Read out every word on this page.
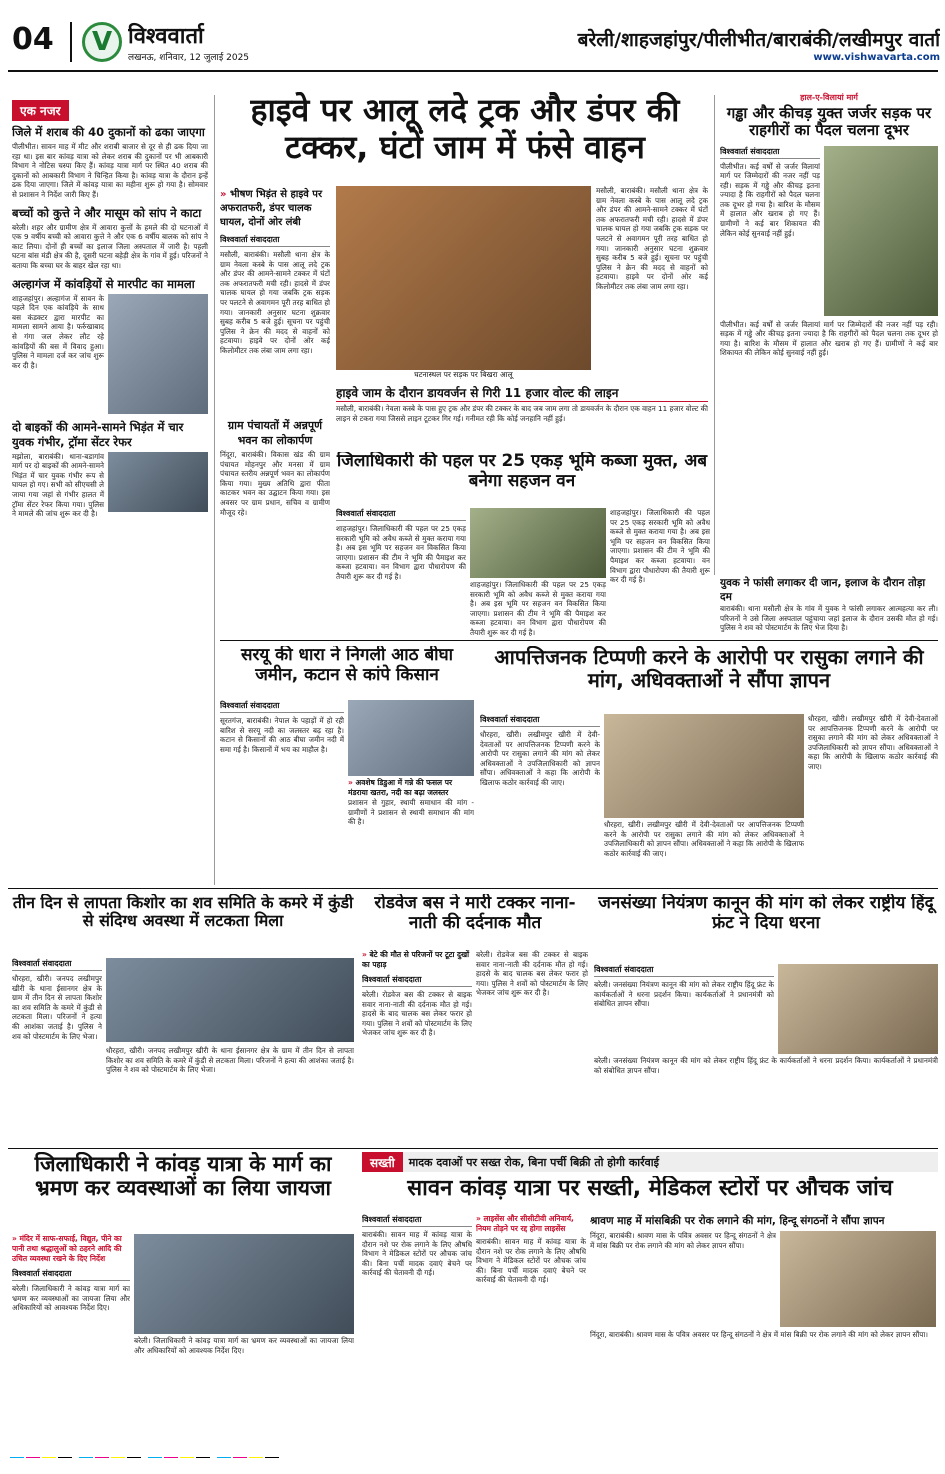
04	V विश्ववार्ता
लखनऊ, शनिवार, 12 जुलाई 2025
बरेली/शाहजहांपुर/पीलीभीत/बाराबंकी/लखीमपुर वार्ता
www.vishwavarta.com
एक नजर
जिले में शराब की 40 दुकानों को ढका जाएगा
पीलीभीत। सावन माह में मीट और शराबी बाजार से दूर से ही ढक दिया जा रहा था। इस बार कांवड़ यात्रा को लेकर शराब की दुकानों पर भी आबकारी विभाग ने नोटिस चस्पा किए हैं। कांवड़ यात्रा मार्ग पर स्थित 40 शराब की दुकानों को आबकारी विभाग ने चिन्हित किया है। कांवड़ यात्रा के दौरान इन्हें ढक दिया जाएगा। जिले में कांवड़ यात्रा का महीना शुरू हो गया है। सोमवार से प्रशासन ने निर्देश जारी किए हैं।
बच्चों को कुत्ते ने और मासूम को सांप ने काटा
बरेली। शहर और ग्रामीण क्षेत्र में आवारा कुत्तों के हमले की दो घटनाओं में एक 9 वर्षीय बच्ची को आवारा कुत्ते ने और एक 6 वर्षीय बालक को सांप ने काट लिया। दोनों ही बच्चों का इलाज जिला अस्पताल में जारी है। पहली घटना बांस मंडी क्षेत्र की है, दूसरी घटना बहेड़ी क्षेत्र के गांव में हुई। परिजनों ने बताया कि बच्चा घर के बाहर खेल रहा था।
अल्हागंज में कांवड़ियों से मारपीट का मामला
शाहजहांपुर। अल्हागंज में सावन के पहले दिन एक कांवड़िये के साथ बस कंडक्टर द्वारा मारपीट का मामला सामने आया है। फर्रुखाबाद से गंगा जल लेकर लौट रहे कांवड़ियों की बस में विवाद हुआ। पुलिस ने मामला दर्ज कर जांच शुरू कर दी है।
दो बाइकों की आमने-सामने भिड़ंत में चार युवक गंभीर, ट्रॉमा सेंटर रेफर
मझोला, बाराबंकी। थाना-बडागांव मार्ग पर दो बाइकों की आमने-सामने भिड़ंत में चार युवक गंभीर रूप से घायल हो गए। सभी को सीएचसी ले जाया गया जहां से गंभीर हालत में ट्रॉमा सेंटर रेफर किया गया। पुलिस ने मामले की जांच शुरू कर दी है।
हाइवे पर आलू लदे ट्रक और डंपर की टक्कर, घंटों जाम में फंसे वाहन
» भीषण भिड़ंत से हाइवे पर अफरातफरी, डंपर चालक घायल, दोनों ओर लंबी
विश्ववार्ता संवाददाता
मसौली, बाराबंकी। मसौली थाना क्षेत्र के ग्राम नेवला कस्बे के पास आलू लदे ट्रक और डंपर की आमने-सामने टक्कर में घंटों तक अफरातफरी मची रही। हादसे में डंपर चालक घायल हो गया जबकि ट्रक सड़क पर पलटने से अवागमन पूरी तरह बाधित हो गया। जानकारी अनुसार घटना शुक्रवार सुबह करीब 5 बजे हुई। सूचना पर पहुंची पुलिस ने क्रेन की मदद से वाहनों को हटवाया। हाइवे पर दोनों ओर कई किलोमीटर तक लंबा जाम लगा रहा।
घटनास्थल पर सड़क पर बिखरा आलू
मसौली, बाराबंकी। मसौली थाना क्षेत्र के ग्राम नेवला कस्बे के पास आलू लदे ट्रक और डंपर की आमने-सामने टक्कर में घंटों तक अफरातफरी मची रही। हादसे में डंपर चालक घायल हो गया जबकि ट्रक सड़क पर पलटने से अवागमन पूरी तरह बाधित हो गया। जानकारी अनुसार घटना शुक्रवार सुबह करीब 5 बजे हुई। सूचना पर पहुंची पुलिस ने क्रेन की मदद से वाहनों को हटवाया। हाइवे पर दोनों ओर कई किलोमीटर तक लंबा जाम लगा रहा।
हाइवे जाम के दौरान डायवर्जन से गिरी 11 हजार वोल्ट की लाइन
मसौली, बाराबंकी। नेवला कस्बे के पास हुए ट्रक और डंपर की टक्कर के बाद जब जाम लगा तो डायवर्जन के दौरान एक वाहन 11 हजार वोल्ट की लाइन से टकरा गया जिससे लाइन टूटकर गिर गई। गनीमत रही कि कोई जनहानि नहीं हुई।
हाल-ए-विलायां मार्ग
गड्ढा और कीचड़ युक्त जर्जर सड़क पर राहगीरों का पैदल चलना दूभर
विश्ववार्ता संवाददाता
पीलीभीत। कई वर्षों से जर्जर विलायां मार्ग पर जिम्मेदारों की नजर नहीं पड़ रही। सड़क में गड्ढे और कीचड़ इतना ज्यादा है कि राहगीरों को पैदल चलना तक दूभर हो गया है। बारिश के मौसम में हालात और खराब हो गए हैं। ग्रामीणों ने कई बार शिकायत की लेकिन कोई सुनवाई नहीं हुई।
पीलीभीत। कई वर्षों से जर्जर विलायां मार्ग पर जिम्मेदारों की नजर नहीं पड़ रही। सड़क में गड्ढे और कीचड़ इतना ज्यादा है कि राहगीरों को पैदल चलना तक दूभर हो गया है। बारिश के मौसम में हालात और खराब हो गए हैं। ग्रामीणों ने कई बार शिकायत की लेकिन कोई सुनवाई नहीं हुई।
युवक ने फांसी लगाकर दी जान, इलाज के दौरान तोड़ा दम
बाराबंकी। थाना मसौली क्षेत्र के गांव में युवक ने फांसी लगाकर आत्महत्या कर ली। परिजनों ने उसे जिला अस्पताल पहुंचाया जहां इलाज के दौरान उसकी मौत हो गई। पुलिस ने शव को पोस्टमार्टम के लिए भेज दिया है।
ग्राम पंचायतों में अन्नपूर्ण भवन का लोकार्पण
निंदूरा, बाराबंकी। विकास खंड की ग्राम पंचायत मोहनपुर और मनसा में ग्राम पंचायत स्तरीय अन्नपूर्ण भवन का लोकार्पण किया गया। मुख्य अतिथि द्वारा फीता काटकर भवन का उद्घाटन किया गया। इस अवसर पर ग्राम प्रधान, सचिव व ग्रामीण मौजूद रहे।
जिलाधिकारी की पहल पर 25 एकड़ भूमि कब्जा मुक्त, अब बनेगा सहजन वन
विश्ववार्ता संवाददाता
शाहजहांपुर। जिलाधिकारी की पहल पर 25 एकड़ सरकारी भूमि को अवैध कब्जे से मुक्त कराया गया है। अब इस भूमि पर सहजन वन विकसित किया जाएगा। प्रशासन की टीम ने भूमि की पैमाइश कर कब्जा हटवाया। वन विभाग द्वारा पौधारोपण की तैयारी शुरू कर दी गई है।
शाहजहांपुर। जिलाधिकारी की पहल पर 25 एकड़ सरकारी भूमि को अवैध कब्जे से मुक्त कराया गया है। अब इस भूमि पर सहजन वन विकसित किया जाएगा। प्रशासन की टीम ने भूमि की पैमाइश कर कब्जा हटवाया। वन विभाग द्वारा पौधारोपण की तैयारी शुरू कर दी गई है।
शाहजहांपुर। जिलाधिकारी की पहल पर 25 एकड़ सरकारी भूमि को अवैध कब्जे से मुक्त कराया गया है। अब इस भूमि पर सहजन वन विकसित किया जाएगा। प्रशासन की टीम ने भूमि की पैमाइश कर कब्जा हटवाया। वन विभाग द्वारा पौधारोपण की तैयारी शुरू कर दी गई है।
सरयू की धारा ने निगली आठ बीघा जमीन, कटान से कांपे किसान
विश्ववार्ता संवाददाता
सूरतगंज, बाराबंकी। नेपाल के पहाड़ों में हो रही बारिश से सरयू नदी का जलस्तर बढ़ रहा है। कटान से किसानों की आठ बीघा जमीन नदी में समा गई है। किसानों में भय का माहौल है।
» अवशेष डिडुआ में गन्ने की फसल पर मंडराया खतरा, नदी का बढ़ा जलस्तर
प्रशासन से गुहार, स्थायी समाधान की मांग - ग्रामीणों ने प्रशासन से स्थायी समाधान की मांग की है।
आपत्तिजनक टिप्पणी करने के आरोपी पर रासुका लगाने की मांग, अधिवक्ताओं ने सौंपा ज्ञापन
विश्ववार्ता संवाददाता
धौरहरा, खीरी। लखीमपुर खीरी में देवी-देवताओं पर आपत्तिजनक टिप्पणी करने के आरोपी पर रासुका लगाने की मांग को लेकर अधिवक्ताओं ने उपजिलाधिकारी को ज्ञापन सौंपा। अधिवक्ताओं ने कहा कि आरोपी के खिलाफ कठोर कार्रवाई की जाए।
धौरहरा, खीरी। लखीमपुर खीरी में देवी-देवताओं पर आपत्तिजनक टिप्पणी करने के आरोपी पर रासुका लगाने की मांग को लेकर अधिवक्ताओं ने उपजिलाधिकारी को ज्ञापन सौंपा। अधिवक्ताओं ने कहा कि आरोपी के खिलाफ कठोर कार्रवाई की जाए।
धौरहरा, खीरी। लखीमपुर खीरी में देवी-देवताओं पर आपत्तिजनक टिप्पणी करने के आरोपी पर रासुका लगाने की मांग को लेकर अधिवक्ताओं ने उपजिलाधिकारी को ज्ञापन सौंपा। अधिवक्ताओं ने कहा कि आरोपी के खिलाफ कठोर कार्रवाई की जाए।
तीन दिन से लापता किशोर का शव समिति के कमरे में कुंडी से संदिग्ध अवस्था में लटकता मिला
विश्ववार्ता संवाददाता
धौरहरा, खीरी। जनपद लखीमपुर खीरी के थाना ईसानगर क्षेत्र के ग्राम में तीन दिन से लापता किशोर का शव समिति के कमरे में कुंडी से लटकता मिला। परिजनों ने हत्या की आशंका जताई है। पुलिस ने शव को पोस्टमार्टम के लिए भेजा।
धौरहरा, खीरी। जनपद लखीमपुर खीरी के थाना ईसानगर क्षेत्र के ग्राम में तीन दिन से लापता किशोर का शव समिति के कमरे में कुंडी से लटकता मिला। परिजनों ने हत्या की आशंका जताई है। पुलिस ने शव को पोस्टमार्टम के लिए भेजा।
रोडवेज बस ने मारी टक्कर नाना-नाती की दर्दनाक मौत
» बेटे की मौत से परिजनों पर टूटा दुखों का पहाड़
विश्ववार्ता संवाददाता
बरेली। रोडवेज बस की टक्कर से बाइक सवार नाना-नाती की दर्दनाक मौत हो गई। हादसे के बाद चालक बस लेकर फरार हो गया। पुलिस ने शवों को पोस्टमार्टम के लिए भेजकर जांच शुरू कर दी है।
बरेली। रोडवेज बस की टक्कर से बाइक सवार नाना-नाती की दर्दनाक मौत हो गई। हादसे के बाद चालक बस लेकर फरार हो गया। पुलिस ने शवों को पोस्टमार्टम के लिए भेजकर जांच शुरू कर दी है।
जनसंख्या नियंत्रण कानून की मांग को लेकर राष्ट्रीय हिंदू फ्रंट ने दिया धरना
विश्ववार्ता संवाददाता
बरेली। जनसंख्या नियंत्रण कानून की मांग को लेकर राष्ट्रीय हिंदू फ्रंट के कार्यकर्ताओं ने धरना प्रदर्शन किया। कार्यकर्ताओं ने प्रधानमंत्री को संबोधित ज्ञापन सौंपा।
बरेली। जनसंख्या नियंत्रण कानून की मांग को लेकर राष्ट्रीय हिंदू फ्रंट के कार्यकर्ताओं ने धरना प्रदर्शन किया। कार्यकर्ताओं ने प्रधानमंत्री को संबोधित ज्ञापन सौंपा।
जिलाधिकारी ने कांवड़ यात्रा के मार्ग का भ्रमण कर व्यवस्थाओं का लिया जायजा
» मंदिर में साफ-सफाई, विद्युत, पीने का पानी तथा श्रद्धालुओं को ठहरने आदि की उचित व्यवस्था रखने के दिए निर्देश
विश्ववार्ता संवाददाता
बरेली। जिलाधिकारी ने कांवड़ यात्रा मार्ग का भ्रमण कर व्यवस्थाओं का जायजा लिया और अधिकारियों को आवश्यक निर्देश दिए।
बरेली। जिलाधिकारी ने कांवड़ यात्रा मार्ग का भ्रमण कर व्यवस्थाओं का जायजा लिया और अधिकारियों को आवश्यक निर्देश दिए।
सख्ती	मादक दवाओं पर सख्त रोक, बिना पर्ची बिक्री तो होगी कार्रवाई
सावन कांवड़ यात्रा पर सख्ती, मेडिकल स्टोरों पर औचक जांच
विश्ववार्ता संवाददाता
बाराबंकी। सावन माह में कांवड़ यात्रा के दौरान नशे पर रोक लगाने के लिए औषधि विभाग ने मेडिकल स्टोरों पर औचक जांच की। बिना पर्ची मादक दवाएं बेचने पर कार्रवाई की चेतावनी दी गई।
» लाइसेंस और सीसीटीवी अनिवार्य, नियम तोड़ने पर रद्द होगा लाइसेंस
बाराबंकी। सावन माह में कांवड़ यात्रा के दौरान नशे पर रोक लगाने के लिए औषधि विभाग ने मेडिकल स्टोरों पर औचक जांच की। बिना पर्ची मादक दवाएं बेचने पर कार्रवाई की चेतावनी दी गई।
श्रावण माह में मांसबिक्री पर रोक लगाने की मांग, हिन्दू संगठनों ने सौंपा ज्ञापन
निंदूरा, बाराबंकी। श्रावण मास के पवित्र अवसर पर हिन्दू संगठनों ने क्षेत्र में मांस बिक्री पर रोक लगाने की मांग को लेकर ज्ञापन सौंपा।
निंदूरा, बाराबंकी। श्रावण मास के पवित्र अवसर पर हिन्दू संगठनों ने क्षेत्र में मांस बिक्री पर रोक लगाने की मांग को लेकर ज्ञापन सौंपा।
